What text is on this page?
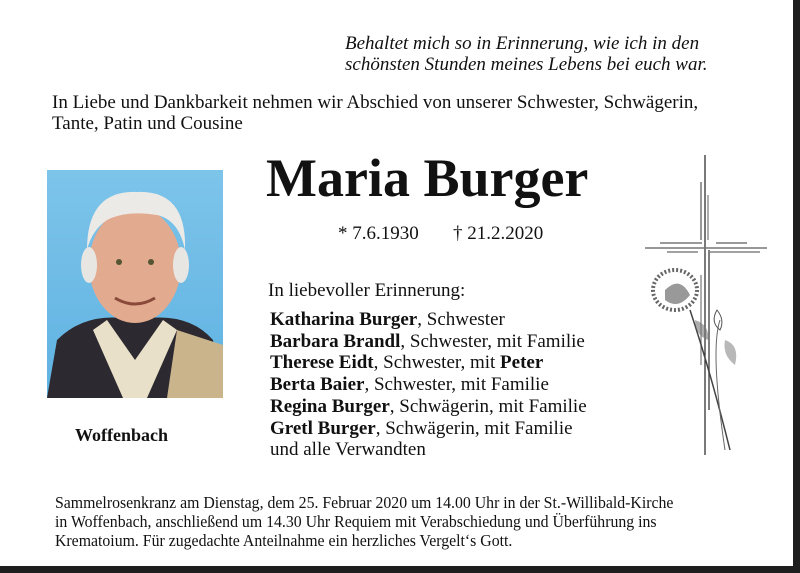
Behaltet mich so in Erinnerung, wie ich in den
schönsten Stunden meines Lebens bei euch war.
In Liebe und Dankbarkeit nehmen wir Abschied von unserer Schwester, Schwägerin,
Tante, Patin und Cousine
Maria Burger
* 7.6.1930 † 21.2.2020
Woffenbach
In liebevoller Erinnerung:
Katharina Burger, Schwester
Barbara Brandl, Schwester, mit Familie
Therese Eidt, Schwester, mit Peter
Berta Baier, Schwester, mit Familie
Regina Burger, Schwägerin, mit Familie
Gretl Burger, Schwägerin, mit Familie
und alle Verwandten
Sammelrosenkranz am Dienstag, dem 25. Februar 2020 um 14.00 Uhr in der St.-Willibald-Kirche
in Woffenbach, anschließend um 14.30 Uhr Requiem mit Verabschiedung und Überführung ins
Krematoium. Für zugedachte Anteilnahme ein herzliches Vergelt‘s Gott.
